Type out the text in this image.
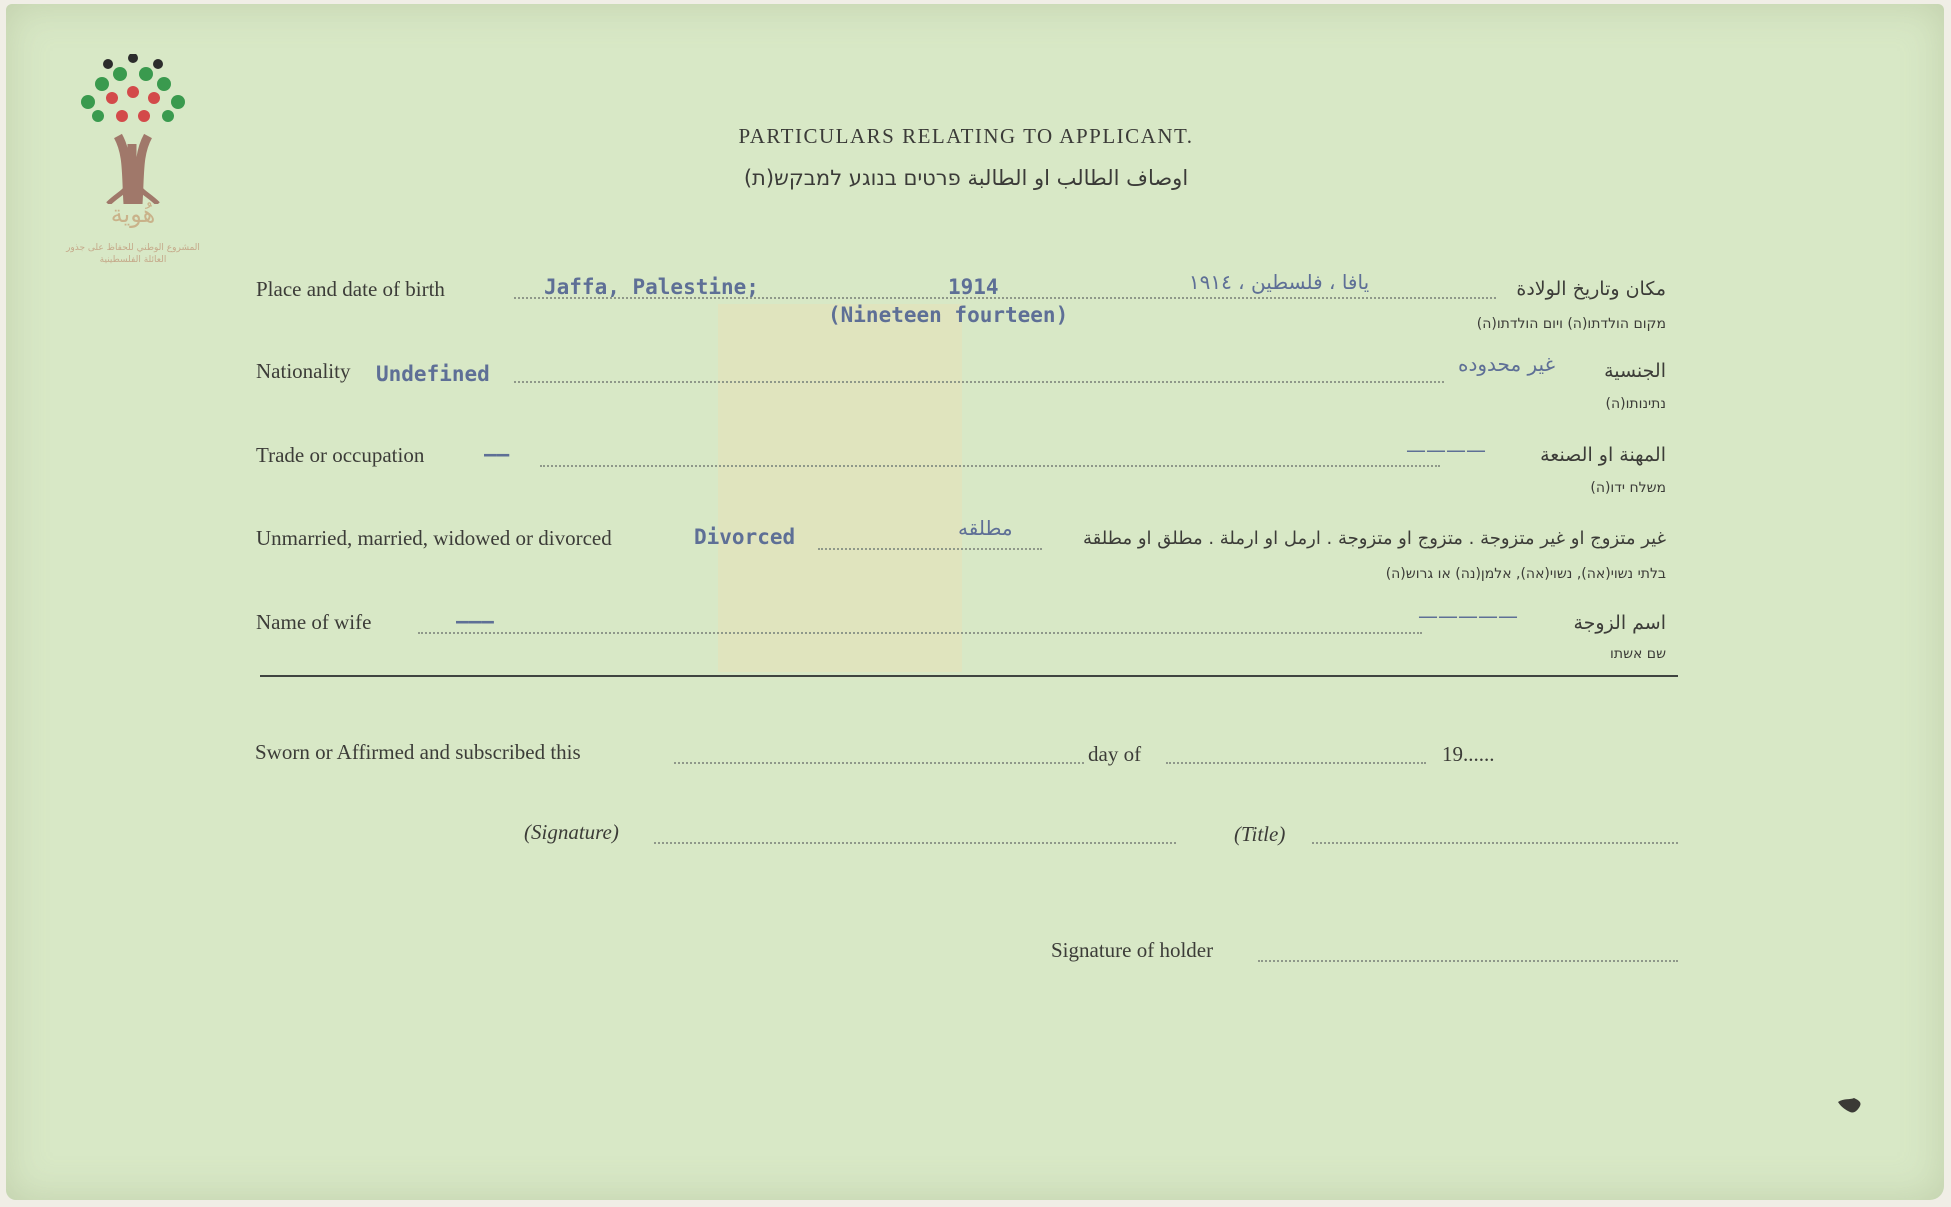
هُوية
المشروع الوطني للحفاظ على جذور العائلة الفلسطينية
PARTICULARS RELATING TO APPLICANT.
اوصاف الطالب او الطالبة פרטים בנוגע למבקש(ת)
Place and date of birth	Jaffa, Palestine;	1914
(Nineteen fourteen)
يافا ، فلسطين ، ١٩١٤	مكان وتاريخ الولادة
מקום הולדתו(ה) ויום הולדתו(ה)
Nationality Undefined	غير محدوده	الجنسية
נתינותו(ה)
Trade or occupation	——	————	المهنة او الصنعة
משלח ידו(ה)
Unmarried, married, widowed or divorced	Divorced	مطلقه	غير متزوج او غير متزوجة . متزوج او متزوجة . ارمل او ارملة . مطلق او مطلقة
בלתי נשוי(אה), נשוי(אה), אלמן(נה) או גרוש(ה)
Name of wife	———	—————	اسم الزوجة
שם אשתו
Sworn or Affirmed and subscribed this	day of	19......
(Signature)	(Title)
Signature of holder
